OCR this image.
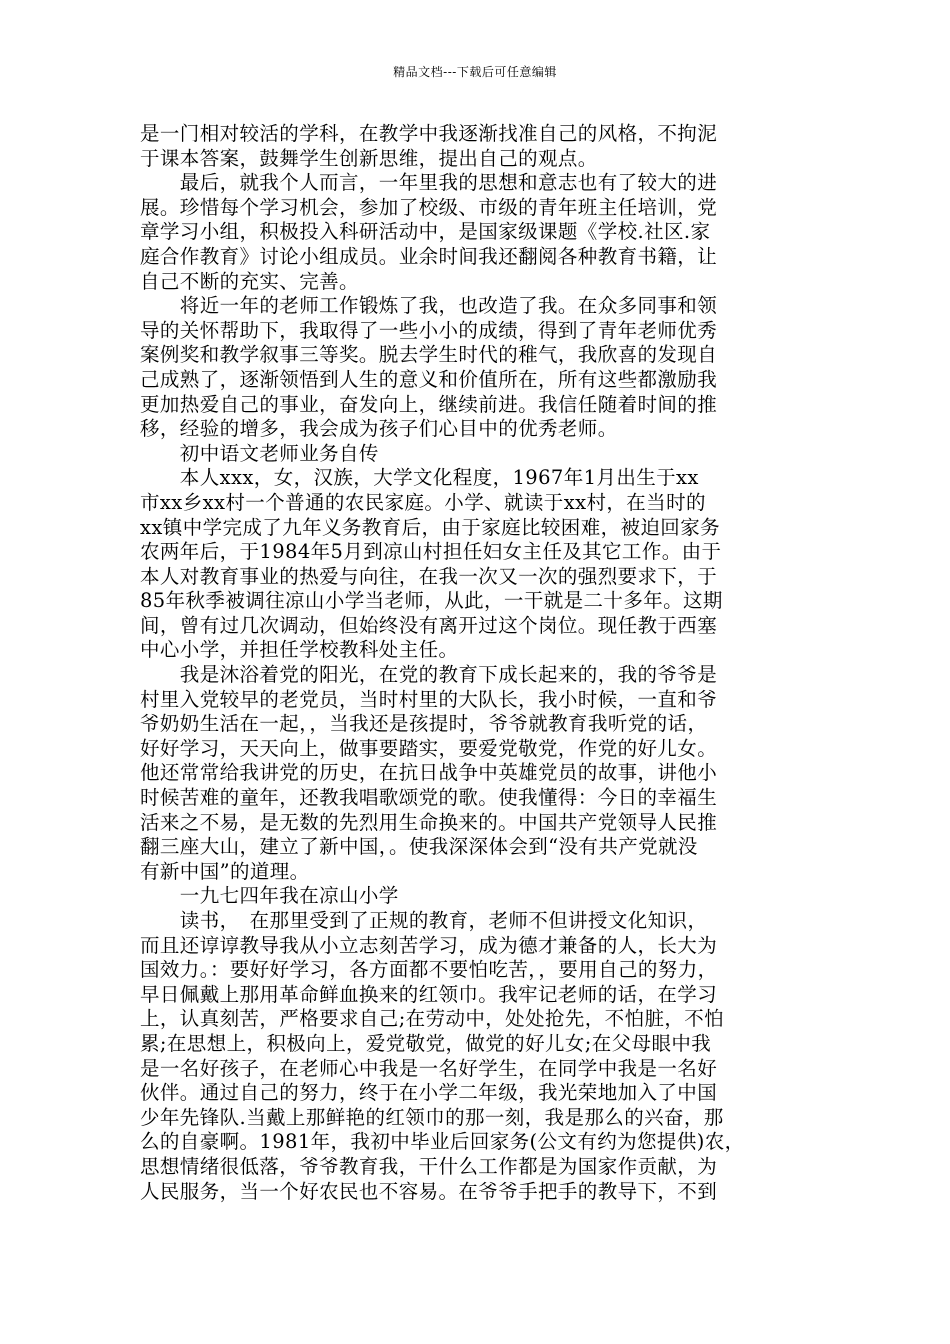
精品文档---下载后可任意编辑
是一门相对较活的学科，在教学中我逐渐找准自己的风格，不拘泥
于课本答案，鼓舞学生创新思维，提出自己的观点。
　　最后，就我个人而言，一年里我的思想和意志也有了较大的进
展。珍惜每个学习机会，参加了校级、市级的青年班主任培训，党
章学习小组，积极投入科研活动中，是国家级课题《学校.社区.家
庭合作教育》讨论小组成员。业余时间我还翻阅各种教育书籍，让
自己不断的充实、完善。
　　将近一年的老师工作锻炼了我，也改造了我。在众多同事和领
导的关怀帮助下，我取得了一些小小的成绩，得到了青年老师优秀
案例奖和教学叙事三等奖。脱去学生时代的稚气，我欣喜的发现自
己成熟了，逐渐领悟到人生的意义和价值所在，所有这些都激励我
更加热爱自己的事业，奋发向上，继续前进。我信任随着时间的推
移，经验的增多，我会成为孩子们心目中的优秀老师。
　　初中语文老师业务自传
　　本人xxx，女，汉族，大学文化程度，1967年1月出生于xx
市xx乡xx村一个普通的农民家庭。小学、就读于xx村，在当时的
xx镇中学完成了九年义务教育后，由于家庭比较困难，被迫回家务
农两年后，于1984年5月到凉山村担任妇女主任及其它工作。由于
本人对教育事业的热爱与向往，在我一次又一次的强烈要求下，于
85年秋季被调往凉山小学当老师，从此，一干就是二十多年。这期
间，曾有过几次调动，但始终没有离开过这个岗位。现任教于西塞
中心小学，并担任学校教科处主任。
　　我是沐浴着党的阳光，在党的教育下成长起来的，我的爷爷是
村里入党较早的老党员，当时村里的大队长，我小时候，一直和爷
爷奶奶生活在一起，，当我还是孩提时，爷爷就教育我听党的话，
好好学习，天天向上，做事要踏实，要爱党敬党，作党的好儿女。
他还常常给我讲党的历史，在抗日战争中英雄党员的故事，讲他小
时候苦难的童年，还教我唱歌颂党的歌。使我懂得：今日的幸福生
活来之不易，是无数的先烈用生命换来的。中国共产党领导人民推
翻三座大山，建立了新中国，。使我深深体会到“没有共产党就没
有新中国”的道理。
　　一九七四年我在凉山小学
　　读书，　在那里受到了正规的教育，老师不但讲授文化知识，
而且还谆谆教导我从小立志刻苦学习，成为德才兼备的人，长大为
国效力。：要好好学习，各方面都不要怕吃苦，，要用自己的努力，
早日佩戴上那用革命鲜血换来的红领巾。我牢记老师的话，在学习
上，认真刻苦，严格要求自己;在劳动中，处处抢先，不怕脏，不怕
累;在思想上，积极向上，爱党敬党，做党的好儿女;在父母眼中我
是一名好孩子，在老师心中我是一名好学生，在同学中我是一名好
伙伴。通过自己的努力，终于在小学二年级，我光荣地加入了中国
少年先锋队.当戴上那鲜艳的红领巾的那一刻，我是那么的兴奋，那
么的自豪啊。1981年，我初中毕业后回家务(公文有约为您提供)农，
思想情绪很低落，爷爷教育我，干什么工作都是为国家作贡献，为
人民服务，当一个好农民也不容易。在爷爷手把手的教导下，不到
